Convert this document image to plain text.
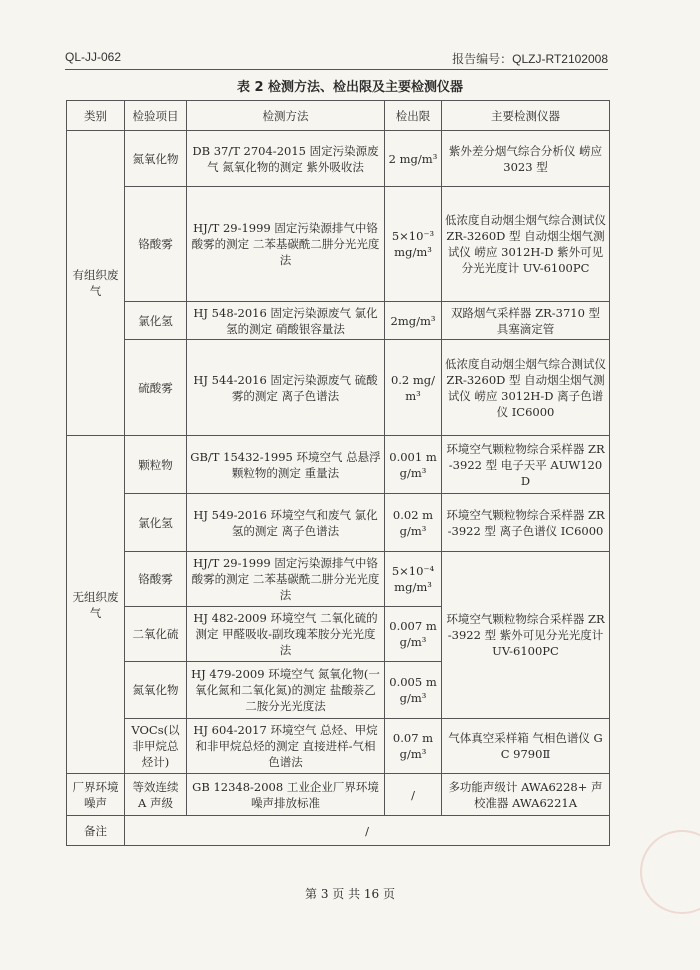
QL-JJ-062	报告编号：QLZJ-RT2102008
表 2 检测方法、检出限及主要检测仪器
类别	检验项目	检测方法	检出限	主要检测仪器
有组织废气	氮氧化物	DB 37/T 2704-2015 固定污染源废气 氮氧化物的测定 紫外吸收法	2 mg/m³	紫外差分烟气综合分析仪 崂应 3023 型
	铬酸雾	HJ/T 29-1999 固定污染源排气中铬酸雾的测定 二苯基碳酰二肼分光光度法	5×10⁻³ mg/m³	低浓度自动烟尘烟气综合测试仪 ZR-3260D 型 自动烟尘烟气测试仪 崂应 3012H-D 紫外可见分光光度计 UV-6100PC
	氯化氢	HJ 548-2016 固定污染源废气 氯化氢的测定 硝酸银容量法	2mg/m³	双路烟气采样器 ZR-3710 型 具塞滴定管
	硫酸雾	HJ 544-2016 固定污染源废气 硫酸雾的测定 离子色谱法	0.2 mg/m³	低浓度自动烟尘烟气综合测试仪 ZR-3260D 型 自动烟尘烟气测试仪 崂应 3012H-D 离子色谱仪 IC6000
无组织废气	颗粒物	GB/T 15432-1995 环境空气 总悬浮颗粒物的测定 重量法	0.001 mg/m³	环境空气颗粒物综合采样器 ZR-3922 型 电子天平 AUW120D
	氯化氢	HJ 549-2016 环境空气和废气 氯化氢的测定 离子色谱法	0.02 mg/m³	环境空气颗粒物综合采样器 ZR-3922 型 离子色谱仪 IC6000
	铬酸雾	HJ/T 29-1999 固定污染源排气中铬酸雾的测定 二苯基碳酰二肼分光光度法	5×10⁻⁴ mg/m³	环境空气颗粒物综合采样器 ZR-3922 型 紫外可见分光光度计 UV-6100PC
	二氧化硫	HJ 482-2009 环境空气 二氧化硫的测定 甲醛吸收-副玫瑰苯胺分光光度法	0.007 mg/m³	
	氮氧化物	HJ 479-2009 环境空气 氮氧化物(一氧化氮和二氧化氮)的测定 盐酸萘乙二胺分光光度法	0.005 mg/m³	
	VOCs(以非甲烷总烃计)	HJ 604-2017 环境空气 总烃、甲烷和非甲烷总烃的测定 直接进样-气相色谱法	0.07 mg/m³	气体真空采样箱 气相色谱仪 GC 9790Ⅱ
厂界环境噪声	等效连续 A 声级	GB 12348-2008 工业企业厂界环境噪声排放标准	/	多功能声级计 AWA6228+ 声校准器 AWA6221A
备注	/			
第 3 页 共 16 页
